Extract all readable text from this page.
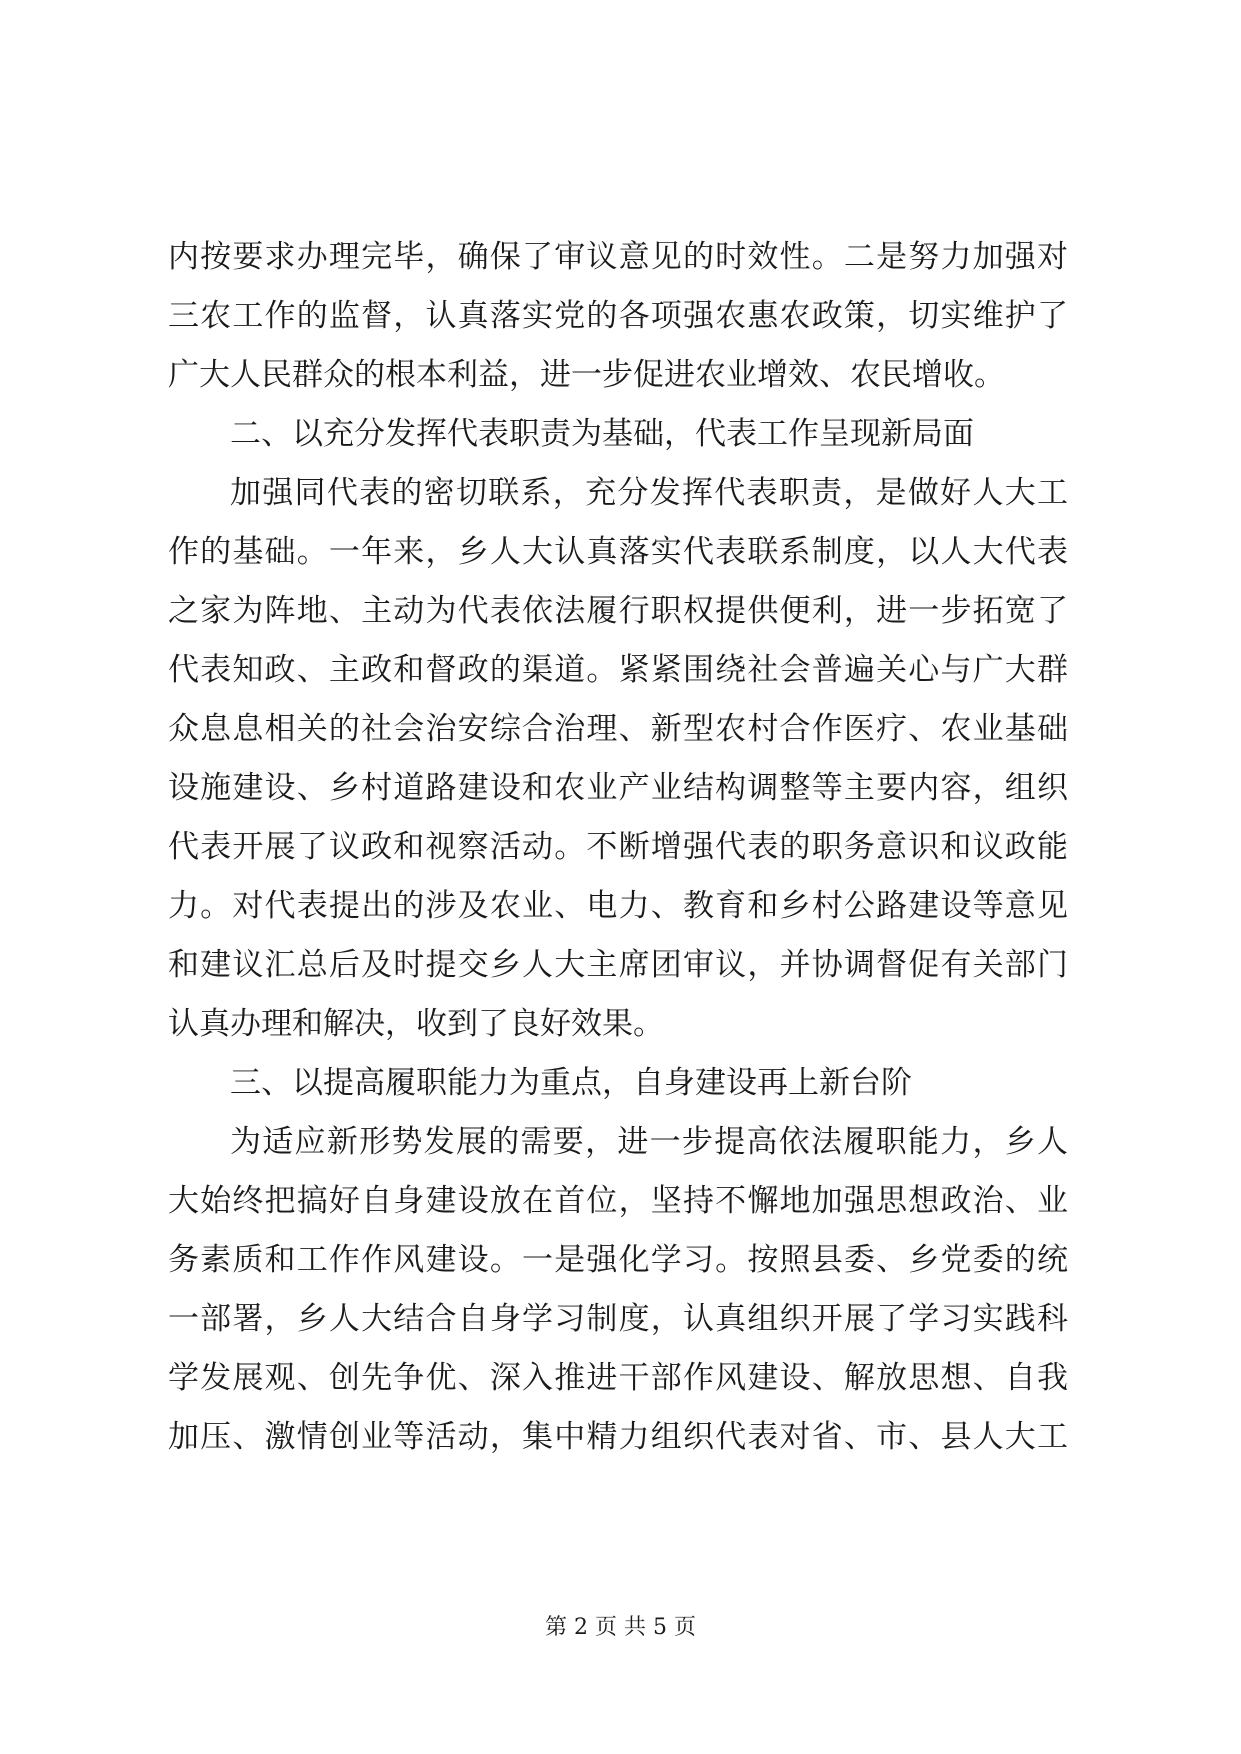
内按要求办理完毕，确保了审议意见的时效性。二是努力加强对
三农工作的监督，认真落实党的各项强农惠农政策，切实维护了
广大人民群众的根本利益，进一步促进农业增效、农民增收。
二、以充分发挥代表职责为基础，代表工作呈现新局面
加强同代表的密切联系，充分发挥代表职责，是做好人大工
作的基础。一年来，乡人大认真落实代表联系制度，以人大代表
之家为阵地、主动为代表依法履行职权提供便利，进一步拓宽了
代表知政、主政和督政的渠道。紧紧围绕社会普遍关心与广大群
众息息相关的社会治安综合治理、新型农村合作医疗、农业基础
设施建设、乡村道路建设和农业产业结构调整等主要内容，组织
代表开展了议政和视察活动。不断增强代表的职务意识和议政能
力。对代表提出的涉及农业、电力、教育和乡村公路建设等意见
和建议汇总后及时提交乡人大主席团审议，并协调督促有关部门
认真办理和解决，收到了良好效果。
三、以提高履职能力为重点，自身建设再上新台阶
为适应新形势发展的需要，进一步提高依法履职能力，乡人
大始终把搞好自身建设放在首位，坚持不懈地加强思想政治、业
务素质和工作作风建设。一是强化学习。按照县委、乡党委的统
一部署，乡人大结合自身学习制度，认真组织开展了学习实践科
学发展观、创先争优、深入推进干部作风建设、解放思想、自我
加压、激情创业等活动，集中精力组织代表对省、市、县人大工
第 2 页 共 5 页
